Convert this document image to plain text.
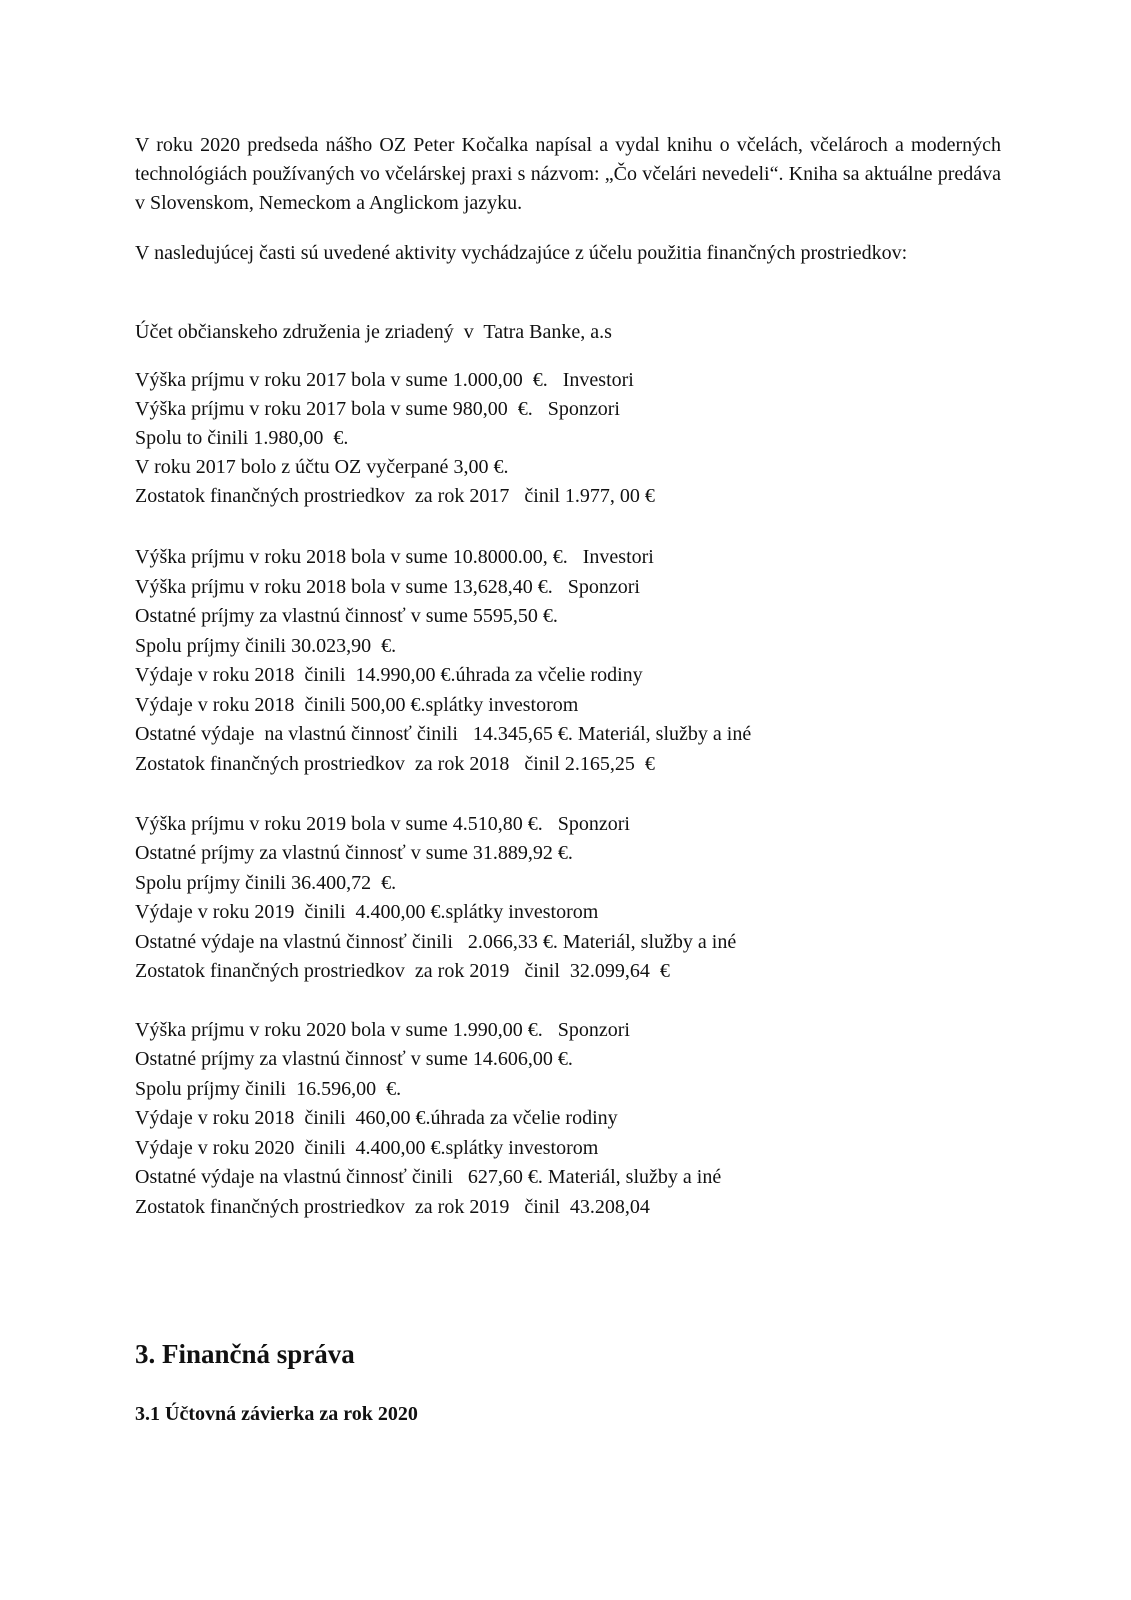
V roku 2020 predseda nášho OZ Peter Kočalka napísal a vydal knihu o včelách, včelároch a moderných technológiách používaných vo včelárskej praxi s názvom: „Čo včelári nevedeli“. Kniha sa aktuálne predáva v Slovenskom, Nemeckom a Anglickom jazyku.

V nasledujúcej časti sú uvedené aktivity vychádzajúce z účelu použitia finančných prostriedkov:

Účet občianskeho združenia je zriadený  v  Tatra Banke, a.s

Výška príjmu v roku 2017 bola v sume 1.000,00  €.   Investori

Výška príjmu v roku 2017 bola v sume 980,00  €.   Sponzori

Spolu to činili 1.980,00  €.

V roku 2017 bolo z účtu OZ vyčerpané 3,00 €.

Zostatok finančných prostriedkov  za rok 2017   činil 1.977, 00 €

Výška príjmu v roku 2018 bola v sume 10.8000.00, €.   Investori

Výška príjmu v roku 2018 bola v sume 13,628,40 €.   Sponzori

Ostatné príjmy za vlastnú činnosť v sume 5595,50 €.

Spolu príjmy činili 30.023,90  €.

Výdaje v roku 2018  činili  14.990,00 €.úhrada za včelie rodiny

Výdaje v roku 2018  činili 500,00 €.splátky investorom

Ostatné výdaje  na vlastnú činnosť činili   14.345,65 €. Materiál, služby a iné

Zostatok finančných prostriedkov  za rok 2018   činil 2.165,25  €

Výška príjmu v roku 2019 bola v sume 4.510,80 €.   Sponzori

Ostatné príjmy za vlastnú činnosť v sume 31.889,92 €.

Spolu príjmy činili 36.400,72  €.

Výdaje v roku 2019  činili  4.400,00 €.splátky investorom

Ostatné výdaje na vlastnú činnosť činili   2.066,33 €. Materiál, služby a iné

Zostatok finančných prostriedkov  za rok 2019   činil  32.099,64  €

Výška príjmu v roku 2020 bola v sume 1.990,00 €.   Sponzori

Ostatné príjmy za vlastnú činnosť v sume 14.606,00 €.

Spolu príjmy činili  16.596,00  €.

Výdaje v roku 2018  činili  460,00 €.úhrada za včelie rodiny

Výdaje v roku 2020  činili  4.400,00 €.splátky investorom

Ostatné výdaje na vlastnú činnosť činili   627,60 €. Materiál, služby a iné

Zostatok finančných prostriedkov  za rok 2019   činil  43.208,04

3. Finančná správa
3.1 Účtovná závierka za rok 2020
